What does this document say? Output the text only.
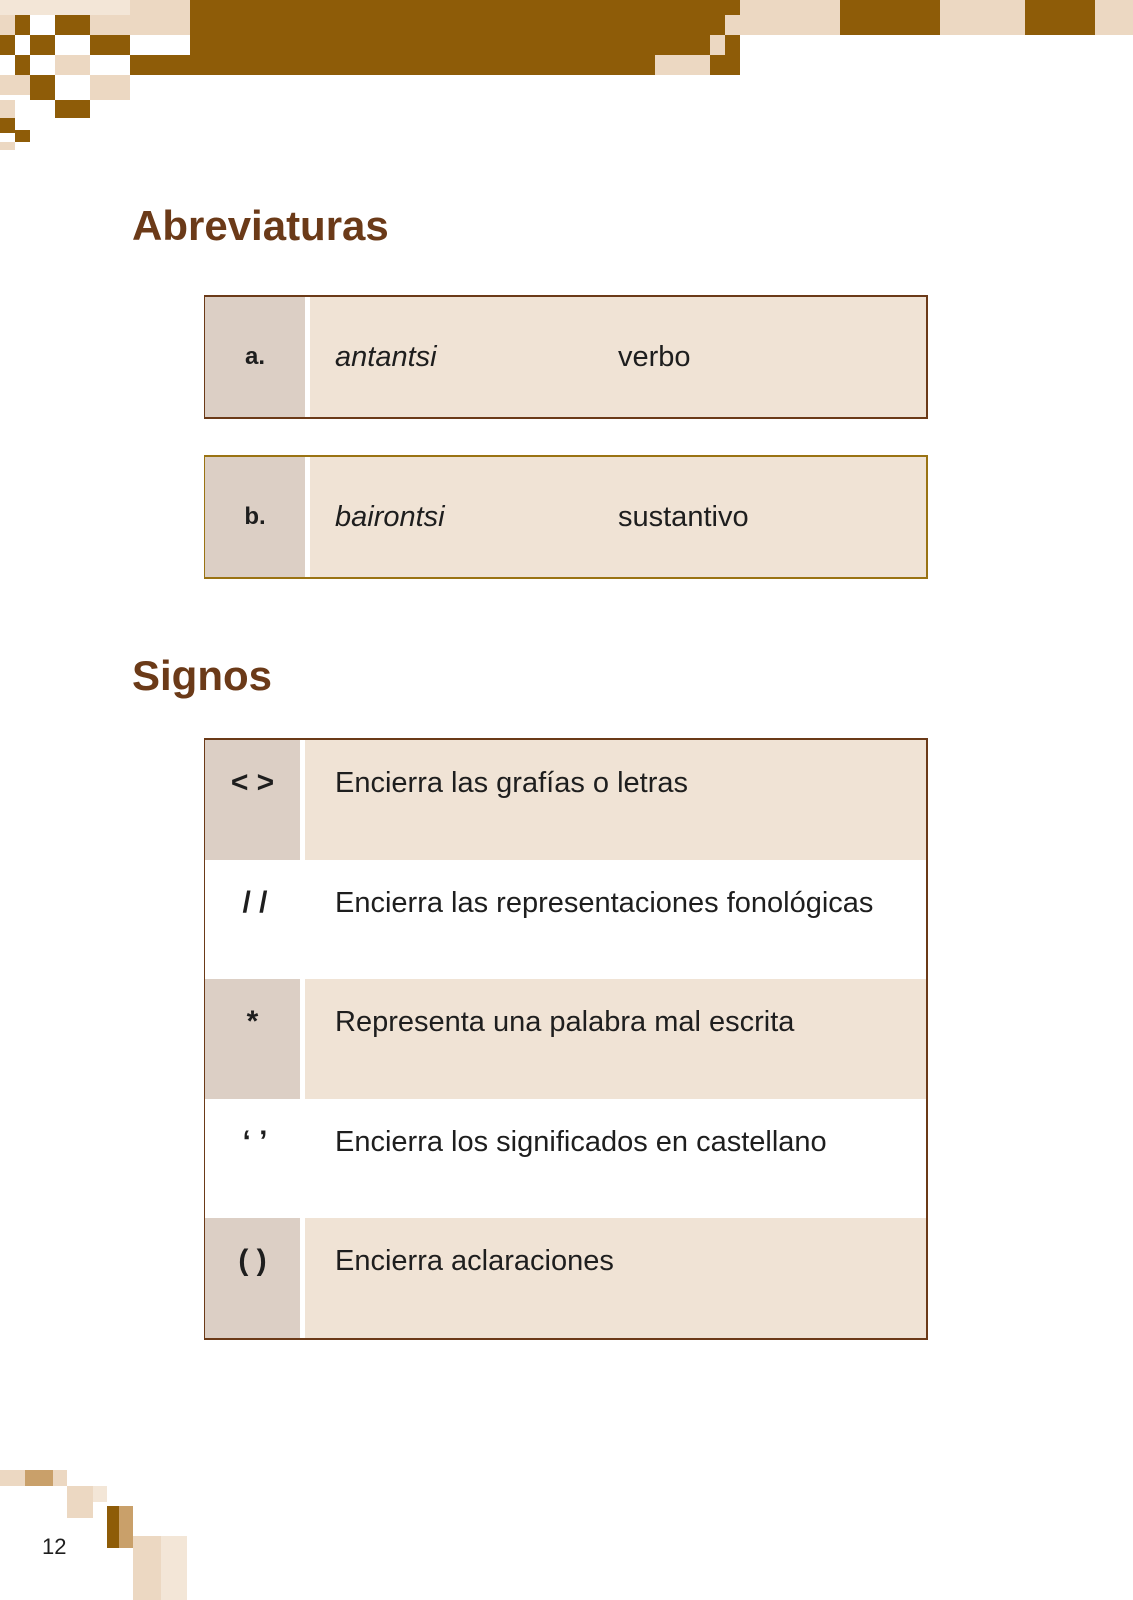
Abreviaturas
a.	antantsi	verbo
b.	bairontsi	sustantivo
Signos
< >	Encierra las grafías o letras
/ /	Encierra las representaciones fonológicas
*	Representa una palabra mal escrita
‘ ’	Encierra los significados en castellano
( )	Encierra aclaraciones
12
